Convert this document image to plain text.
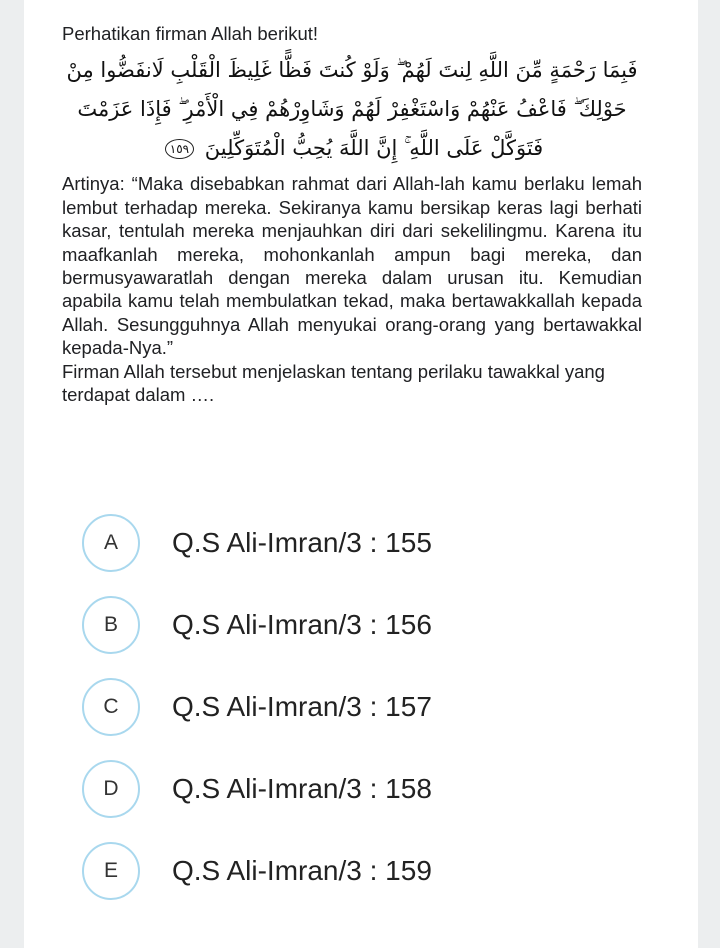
Perhatikan firman Allah berikut!

فَبِمَا رَحْمَةٍ مِّنَ اللَّهِ لِنتَ لَهُمْ ۖ وَلَوْ كُنتَ فَظًّا غَلِيظَ الْقَلْبِ لَانفَضُّوا مِنْ حَوْلِكَ ۖ فَاعْفُ عَنْهُمْ وَاسْتَغْفِرْ لَهُمْ وَشَاوِرْهُمْ فِي الْأَمْرِ ۖ فَإِذَا عَزَمْتَ فَتَوَكَّلْ عَلَى اللَّهِ ۚ إِنَّ اللَّهَ يُحِبُّ الْمُتَوَكِّلِينَ ١٥٩

Artinya: “Maka disebabkan rahmat dari Allah-lah kamu berlaku lemah lembut terhadap mereka. Sekiranya kamu bersikap keras lagi berhati kasar, tentulah mereka menjauhkan diri dari sekelilingmu. Karena itu maafkanlah mereka, mohonkanlah ampun bagi mereka, dan bermusyawaratlah dengan mereka dalam urusan itu. Kemudian apabila kamu telah membulatkan tekad, maka bertawakkallah kepada Allah. Sesungguhnya Allah menyukai orang-orang yang bertawakkal kepada-Nya.”

Firman Allah tersebut menjelaskan tentang perilaku tawakkal yang terdapat dalam ….

A	Q.S Ali-Imran/3 : 155
B	Q.S Ali-Imran/3 : 156
C	Q.S Ali-Imran/3 : 157
D	Q.S Ali-Imran/3 : 158
E	Q.S Ali-Imran/3 : 159
